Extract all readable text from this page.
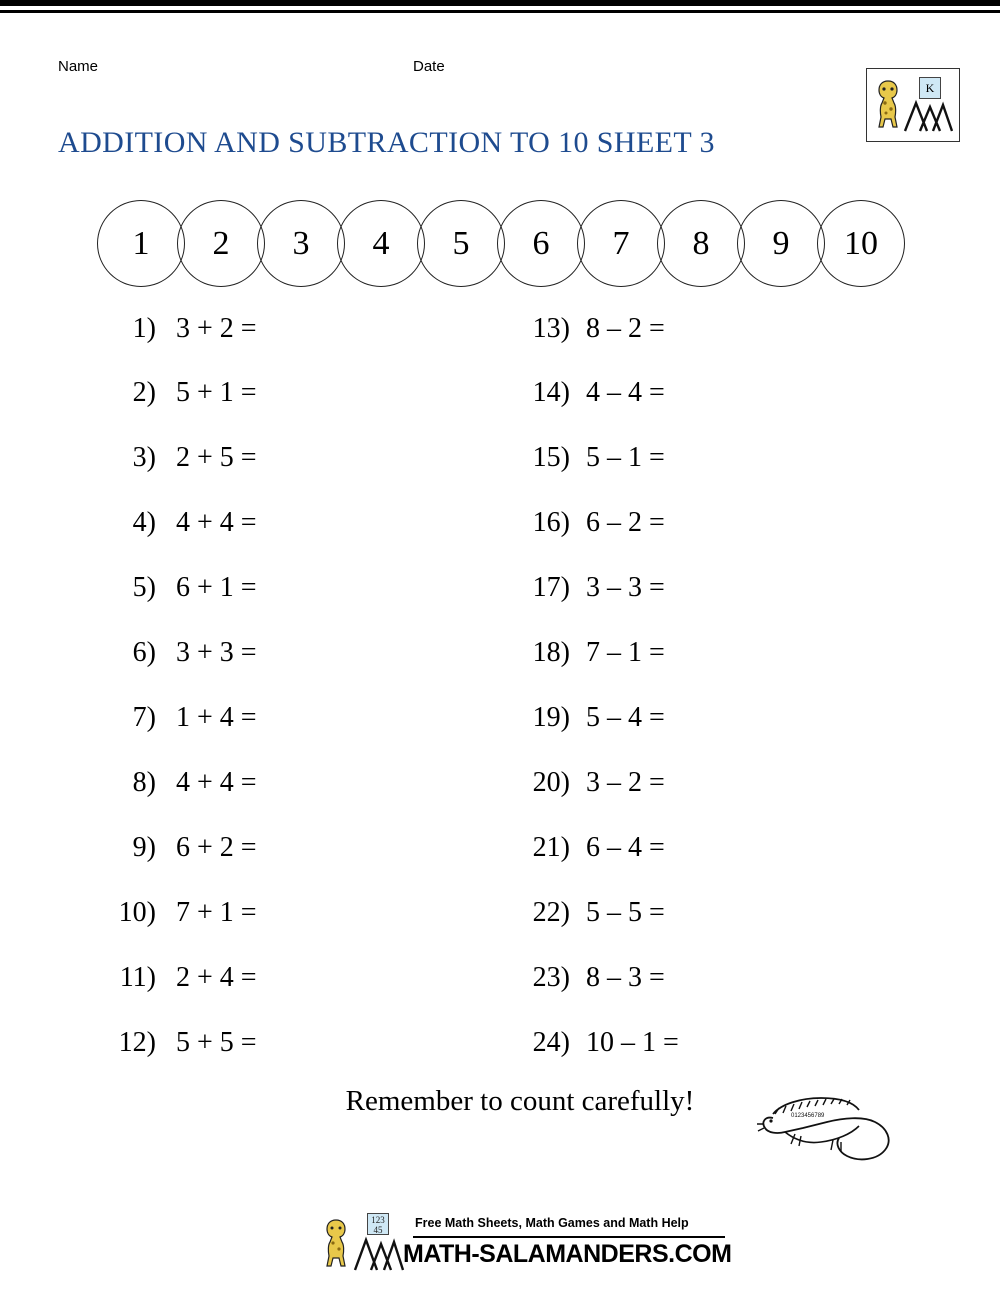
Name	Date
K
ADDITION AND SUBTRACTION TO 10 SHEET 3
1	2	3	4	5	6	7	8	9	10
1) 3 + 2 =
2) 5 + 1 =
3) 2 + 5 =
4) 4 + 4 =
5) 6 + 1 =
6) 3 + 3 =
7) 1 + 4 =
8) 4 + 4 =
9) 6 + 2 =
10) 7 + 1 =
11) 2 + 4 =
12) 5 + 5 =
13) 8 – 2 =
14) 4 – 4 =
15) 5 – 1 =
16) 6 – 2 =
17) 3 – 3 =
18) 7 – 1 =
19) 5 – 4 =
20) 3 – 2 =
21) 6 – 4 =
22) 5 – 5 =
23) 8 – 3 =
24) 10 – 1 =
Remember to count carefully!	0123456789
123
45	Free Math Sheets, Math Games and Math Help
MATH-SALAMANDERS.COM
